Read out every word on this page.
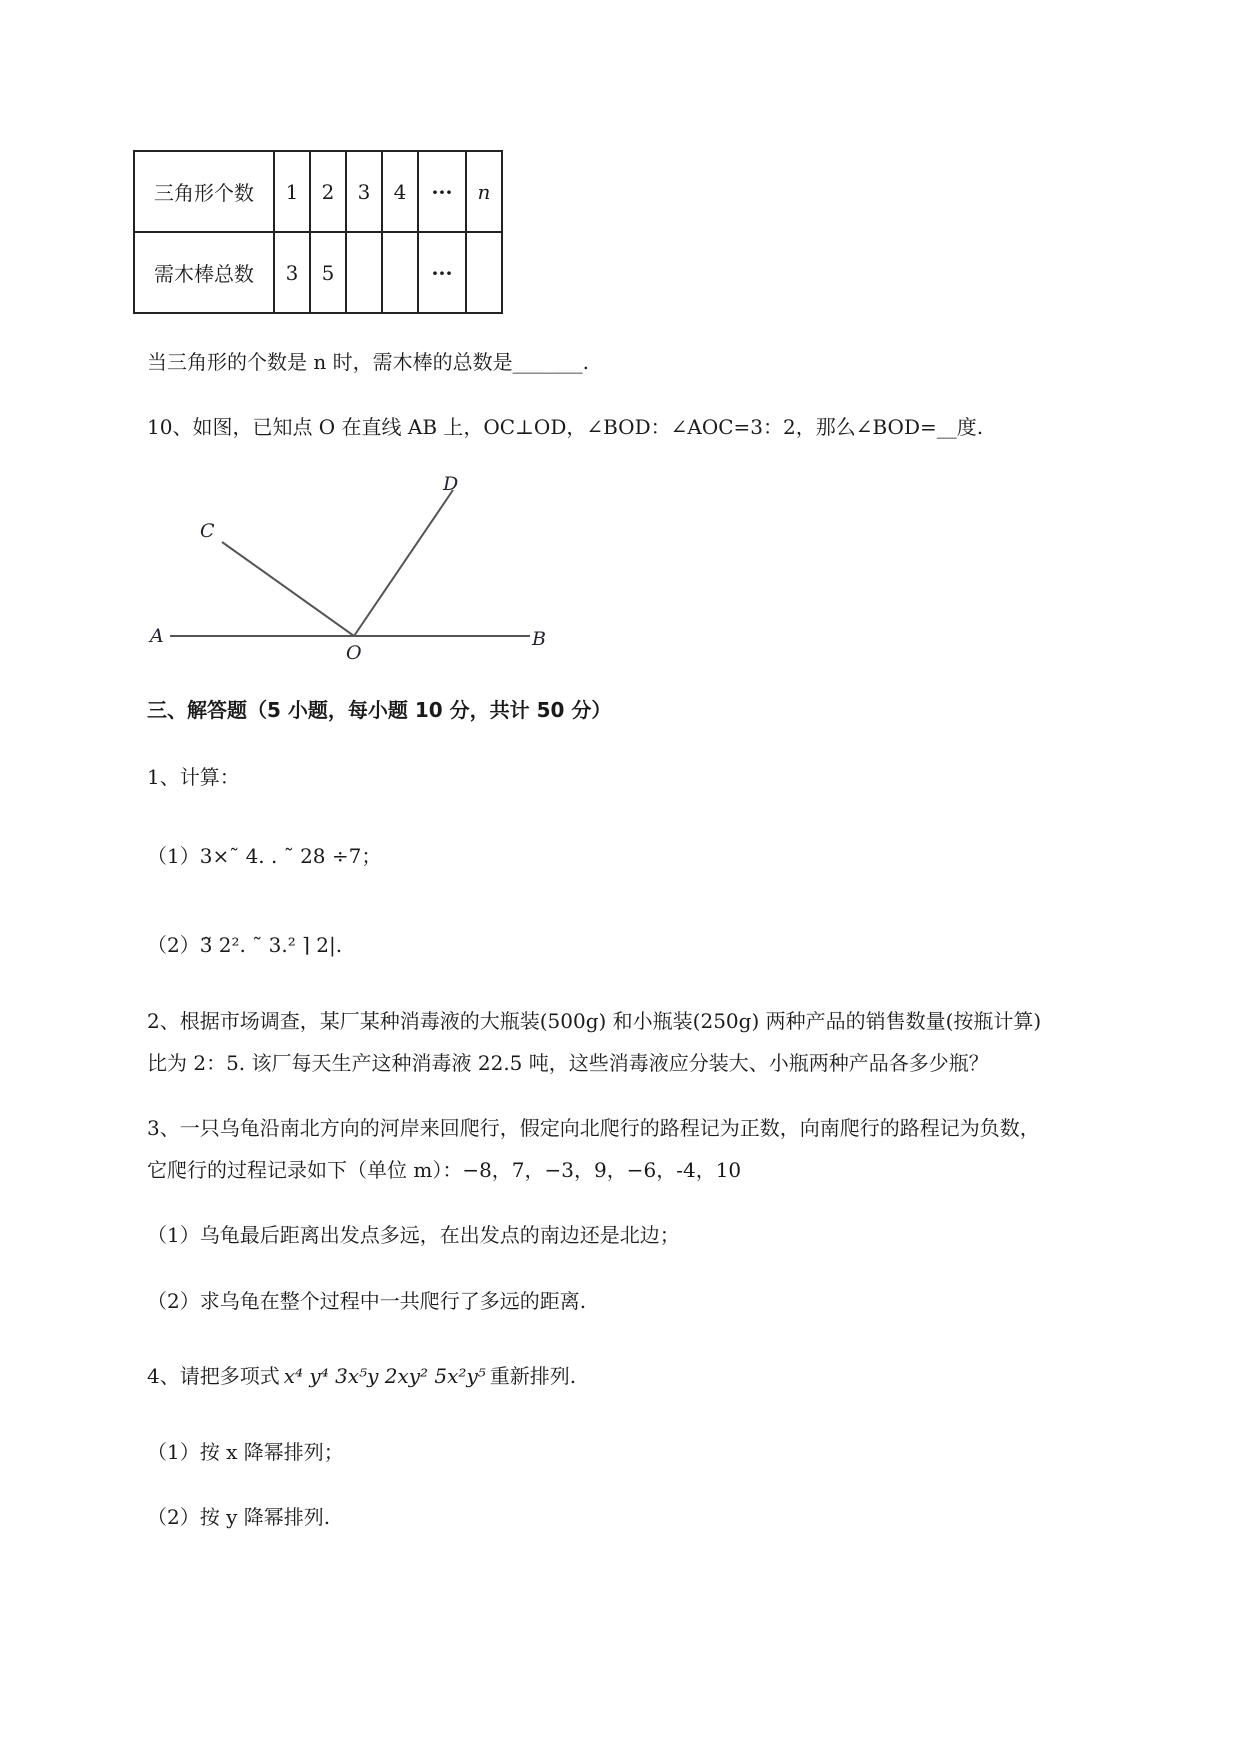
三角形个数	1	2	3	4	···	n
需木棒总数	3	5			···	
当三角形的个数是 n 时，需木棒的总数是_______.
10、如图，已知点 O 在直线 AB 上，OC⊥OD，∠BOD：∠AOC=3：2，那么∠BOD=__度.
A	B
C
D
O
三、解答题（5 小题，每小题 10 分，共计 50 分）
1、计算：
（1）3×˜ 4. . ˜ 28 ÷7；
（2）3̃ 2². ˜ 3.² ⌉ 2|.
2、根据市场调查，某厂某种消毒液的大瓶装(500g) 和小瓶装(250g) 两种产品的销售数量(按瓶计算)
比为 2：5. 该厂每天生产这种消毒液 22.5 吨，这些消毒液应分装大、小瓶两种产品各多少瓶？
3、一只乌龟沿南北方向的河岸来回爬行，假定向北爬行的路程记为正数，向南爬行的路程记为负数，
它爬行的过程记录如下（单位 m）：−8，7，−3，9，−6，-4，10
（1）乌龟最后距离出发点多远，在出发点的南边还是北边；
（2）求乌龟在整个过程中一共爬行了多远的距离.
4、请把多项式 x⁴ y⁴ 3x⁵y 2xy² 5x²y⁵ 重新排列.
（1）按 x 降幂排列；
（2）按 y 降幂排列.
